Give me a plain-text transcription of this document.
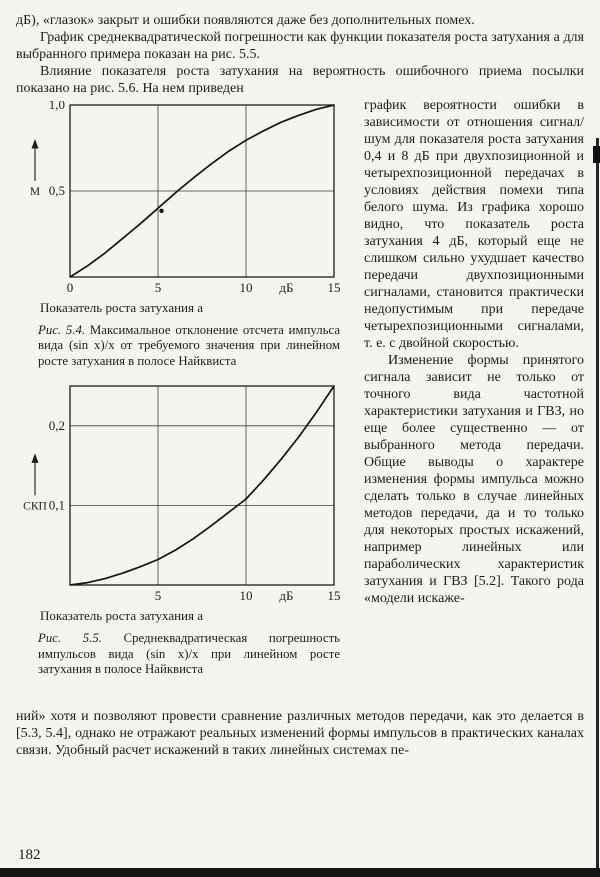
дБ), «глазок» закрыт и ошибки появляются даже без дополнительных помех.

График среднеквадратической погрешности как функции показателя роста затухания a для выбранного примера показан на рис. 5.5.

Влияние показателя роста затухания на вероятность ошибочного приема посылки показано на рис. 5.6. На нем приведен

0	5	10	15
дБ
0,5
1,0
М
Показатель роста затухания a
Рис. 5.4. Максимальное отклонение отсчета импульса вида (sin x)/x от требуемого значения при линейном росте затухания в полосе Найквиста
5	10	15
дБ
0,1
0,2
СКП
Показатель роста затухания a
Рис. 5.5. Среднеквадратическая погрешность импульсов вида (sin x)/x при линейном росте затухания в полосе Найквиста

график вероятности ошибки в зависимости от отношения сигнал/шум для показателя роста затухания 0,4 и 8 дБ при двухпозиционной и четырехпозиционной передачах в условиях действия помехи типа белого шума. Из графика хорошо видно, что показатель роста затухания 4 дБ, который еще не слишком сильно ухудшает качество передачи двухпозиционными сигналами, становится практически недопустимым при передаче четырехпозиционными сигналами, т. е. с двойной скоростью.

Изменение формы принятого сигнала зависит не только от точного вида частотной характеристики затухания и ГВЗ, но еще более существенно — от выбранного метода передачи. Общие выводы о характере изменения формы импульса можно сделать только в случае линейных методов передачи, да и то только для некоторых простых искажений, например линейных или параболических характеристик затухания и ГВЗ [5.2]. Такого рода «модели искаже-

ний» хотя и позволяют провести сравнение различных методов передачи, как это делается в [5.3, 5.4], однако не отражают реальных изменений формы импульсов в практических каналах связи. Удобный расчет искажений в таких линейных системах пе-

182
